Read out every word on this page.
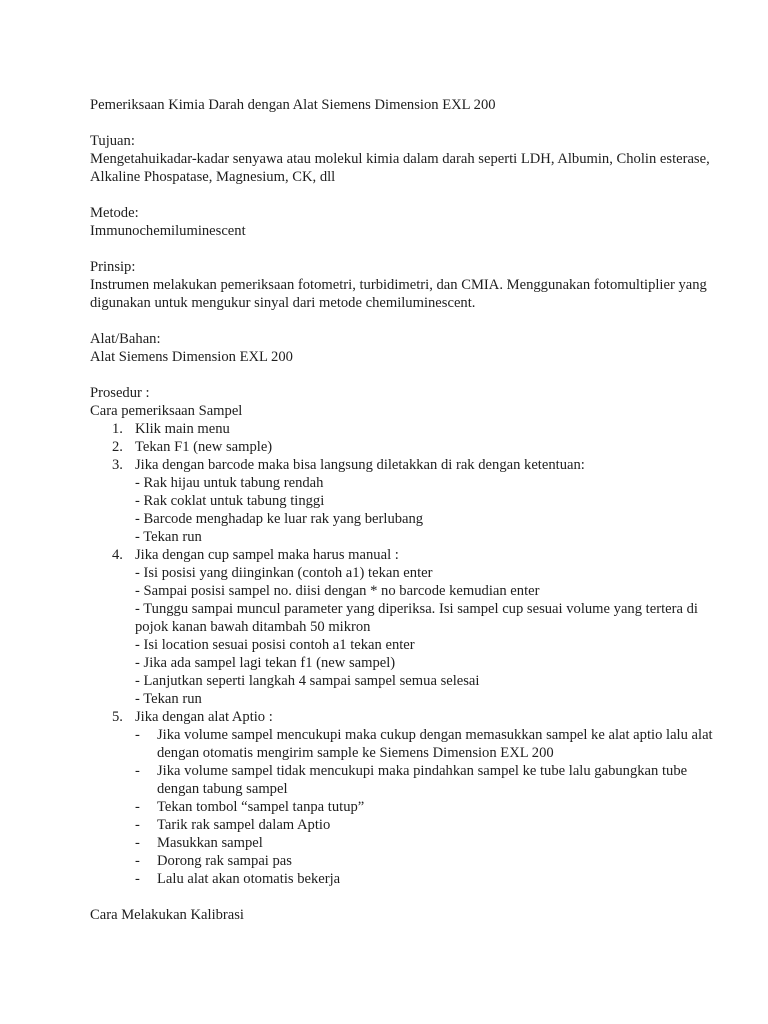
Pemeriksaan Kimia Darah dengan Alat Siemens Dimension EXL 200

Tujuan:

Mengetahuikadar-kadar senyawa atau molekul kimia dalam darah seperti LDH, Albumin, Cholin esterase, Alkaline Phospatase, Magnesium, CK, dll

Metode:

Immunochemiluminescent

Prinsip:

Instrumen melakukan pemeriksaan fotometri, turbidimetri, dan CMIA. Menggunakan fotomultiplier yang digunakan untuk mengukur sinyal dari metode chemiluminescent.

Alat/Bahan:

Alat Siemens Dimension EXL 200

Prosedur :

Cara pemeriksaan Sampel

1. Klik main menu
2. Tekan F1 (new sample)
3. Jika dengan barcode maka bisa langsung diletakkan di rak dengan ketentuan:
- Rak hijau untuk tabung rendah
- Rak coklat untuk tabung tinggi
- Barcode menghadap ke luar rak yang berlubang
- Tekan run
4. Jika dengan cup sampel maka harus manual :
- Isi posisi yang diinginkan (contoh a1) tekan enter
- Sampai posisi sampel no. diisi dengan * no barcode kemudian enter
- Tunggu sampai muncul parameter yang diperiksa. Isi sampel cup sesuai volume yang tertera di pojok kanan bawah ditambah 50 mikron
- Isi location sesuai posisi contoh a1 tekan enter
- Jika ada sampel lagi tekan f1 (new sampel)
- Lanjutkan seperti langkah 4 sampai sampel semua selesai
- Tekan run
5. Jika dengan alat Aptio :
- Jika volume sampel mencukupi maka cukup dengan memasukkan sampel ke alat aptio lalu alat dengan otomatis mengirim sample ke Siemens Dimension EXL 200
- Jika volume sampel tidak mencukupi maka pindahkan sampel ke tube lalu gabungkan tube dengan tabung sampel
- Tekan tombol “sampel tanpa tutup”
- Tarik rak sampel dalam Aptio
- Masukkan sampel
- Dorong rak sampai pas
- Lalu alat akan otomatis bekerja

Cara Melakukan Kalibrasi
